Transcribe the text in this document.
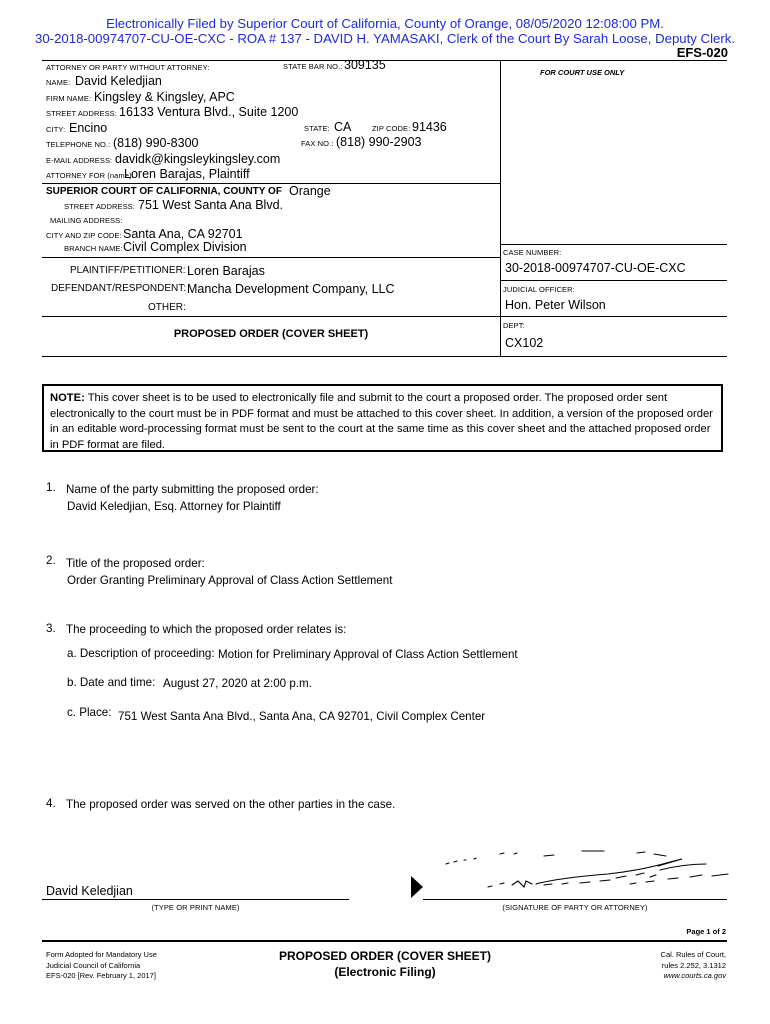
Electronically Filed by Superior Court of California, County of Orange, 08/05/2020 12:08:00 PM.
30-2018-00974707-CU-OE-CXC - ROA # 137 - DAVID H. YAMASAKI, Clerk of the Court By Sarah Loose, Deputy Clerk.
EFS-020
ATTORNEY OR PARTY WITHOUT ATTORNEY:	STATE BAR NO.: 309135
NAME: David Keledjian
FIRM NAME: Kingsley & Kingsley, APC
STREET ADDRESS: 16133 Ventura Blvd., Suite 1200
CITY: Encino	STATE: CA	ZIP CODE: 91436
TELEPHONE NO.: (818) 990-8300	FAX NO.: (818) 990-2903
E-MAIL ADDRESS: davidk@kingsleykingsley.com
ATTORNEY FOR (name):
Loren Barajas, Plaintiff
FOR COURT USE ONLY
SUPERIOR COURT OF CALIFORNIA, COUNTY OF Orange
STREET ADDRESS: 751 West Santa Ana Blvd.
MAILING ADDRESS:
CITY AND ZIP CODE: Santa Ana, CA 92701
BRANCH NAME: Civil Complex Division
PLAINTIFF/PETITIONER: Loren Barajas
DEFENDANT/RESPONDENT: Mancha Development Company, LLC
OTHER:
CASE NUMBER:
30-2018-00974707-CU-OE-CXC
JUDICIAL OFFICER:
Hon. Peter Wilson
DEPT:
CX102
PROPOSED ORDER (COVER SHEET)
NOTE: This cover sheet is to be used to electronically file and submit to the court a proposed order. The proposed order sent electronically to the court must be in PDF format and must be attached to this cover sheet. In addition, a version of the proposed order in an editable word-processing format must be sent to the court at the same time as this cover sheet and the attached proposed order in PDF format are filed.
1. Name of the party submitting the proposed order:
David Keledjian, Esq. Attorney for Plaintiff
2. Title of the proposed order:
Order Granting Preliminary Approval of Class Action Settlement
3. The proceeding to which the proposed order relates is:
a. Description of proceeding: Motion for Preliminary Approval of Class Action Settlement
b. Date and time: August 27, 2020 at 2:00 p.m.
c. Place: 751 West Santa Ana Blvd., Santa Ana, CA 92701, Civil Complex Center
4. The proposed order was served on the other parties in the case.
David Keledjian
(TYPE OR PRINT NAME)	(SIGNATURE OF PARTY OR ATTORNEY)
Page 1 of 2
Form Adopted for Mandatory Use
Judicial Council of California
EFS-020 [Rev. February 1, 2017]
PROPOSED ORDER (COVER SHEET)
(Electronic Filing)
Cal. Rules of Court,
rules 2.252, 3.1312
www.courts.ca.gov
